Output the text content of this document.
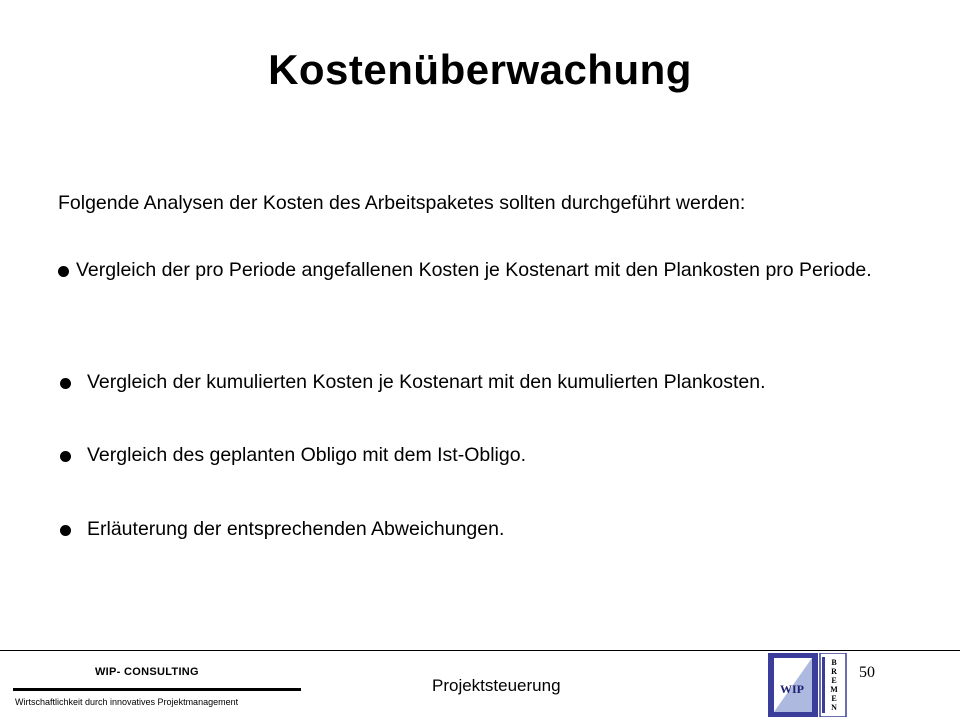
Kostenüberwachung

Folgende Analysen der Kosten des Arbeitspaketes sollten durchgeführt werden:

Vergleich der pro Periode angefallenen Kosten je Kostenart mit den Plankosten pro Periode.
Vergleich der kumulierten Kosten je Kostenart mit den kumulierten Plankosten.
Vergleich des geplanten Obligo mit dem Ist-Obligo.
Erläuterung der entsprechenden Abweichungen.
WIP- CONSULTING
Wirtschaftlichkeit durch innovatives Projektmanagement
Projektsteuerung	WIP
B
R
E
M
E
N
50
